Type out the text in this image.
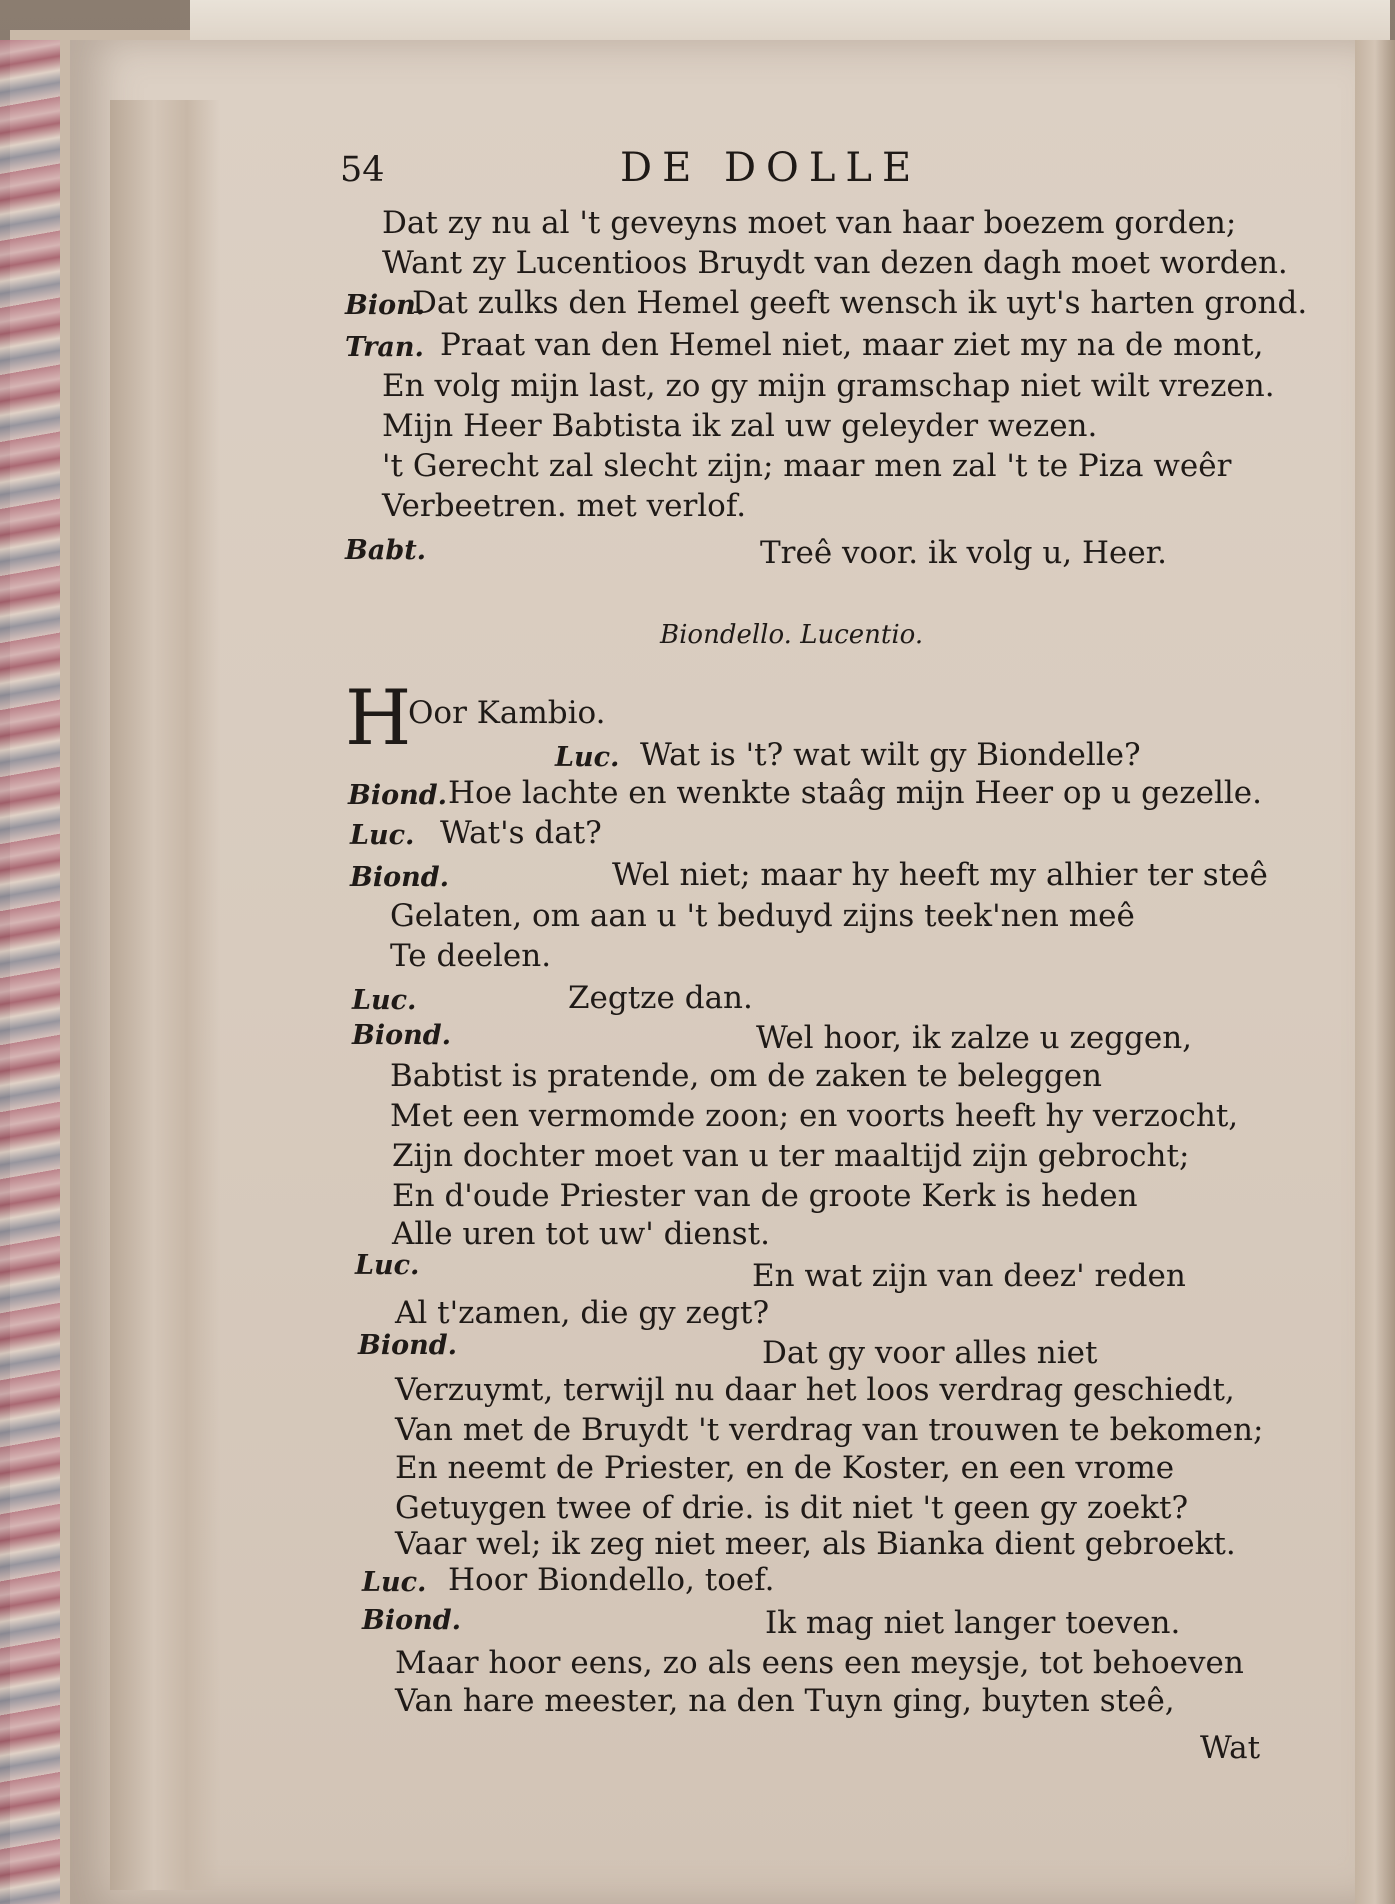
54	DE DOLLE
Dat zy nu al 't geveyns moet van haar boezem gorden;
Want zy Lucentioos Bruydt van dezen dagh moet worden.
Bion.
Dat zulks den Hemel geeft wensch ik uyt's harten grond.
Tran. Praat van den Hemel niet, maar ziet my na de mont,
En volg mijn last, zo gy mijn gramschap niet wilt vrezen.
Mijn Heer Babtista ik zal uw geleyder wezen.
't Gerecht zal slecht zijn; maar men zal 't te Piza weêr
Verbeetren. met verlof.
Babt.	Treê voor. ik volg u, Heer.
Biondello. Lucentio.
H
Oor Kambio.
Luc. Wat is 't? wat wilt gy Biondelle?
Biond. Hoe lachte en wenkte staâg mijn Heer op u gezelle.
Luc. Wat's dat?
Biond.	Wel niet; maar hy heeft my alhier ter steê
Gelaten, om aan u 't beduyd zijns teek'nen meê
Te deelen.
Luc.	Zegtze dan.
Biond.	Wel hoor, ik zalze u zeggen,
Babtist is pratende, om de zaken te beleggen
Met een vermomde zoon; en voorts heeft hy verzocht,
Zijn dochter moet van u ter maaltijd zijn gebrocht;
En d'oude Priester van de groote Kerk is heden
Alle uren tot uw' dienst.
Luc.	En wat zijn van deez' reden
Al t'zamen, die gy zegt?
Biond.	Dat gy voor alles niet
Verzuymt, terwijl nu daar het loos verdrag geschiedt,
Van met de Bruydt 't verdrag van trouwen te bekomen;
En neemt de Priester, en de Koster, en een vrome
Getuygen twee of drie. is dit niet 't geen gy zoekt?
Vaar wel; ik zeg niet meer, als Bianka dient gebroekt.
Luc. Hoor Biondello, toef.
Biond.	Ik mag niet langer toeven.
Maar hoor eens, zo als eens een meysje, tot behoeven
Van hare meester, na den Tuyn ging, buyten steê,
Wat
